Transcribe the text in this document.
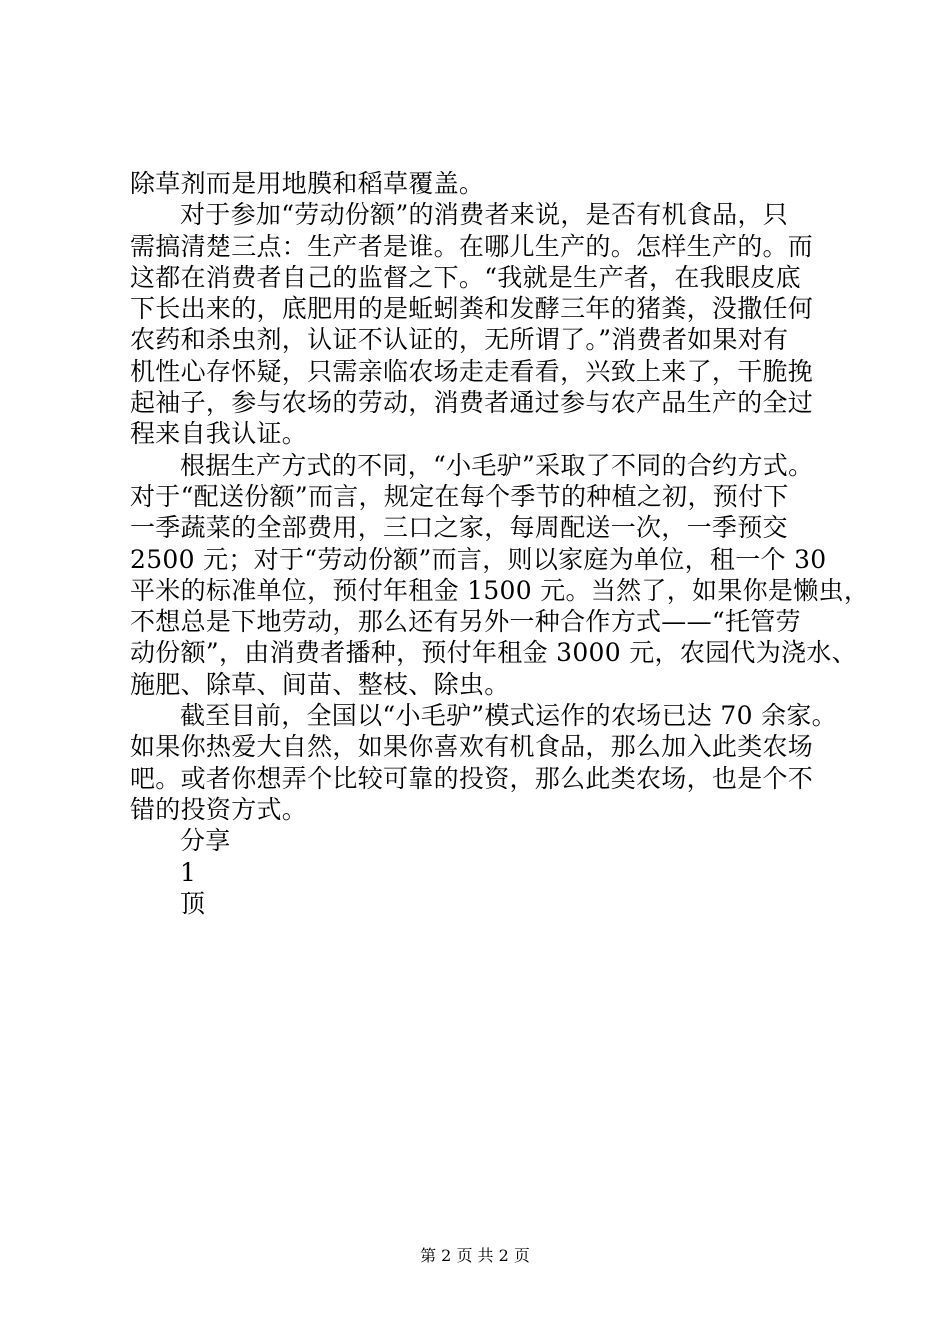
除草剂而是用地膜和稻草覆盖。
对于参加“劳动份额”的消费者来说，是否有机食品，只
需搞清楚三点：生产者是谁。在哪儿生产的。怎样生产的。而
这都在消费者自己的监督之下。“我就是生产者，在我眼皮底
下长出来的，底肥用的是蚯蚓粪和发酵三年的猪粪，没撒任何
农药和杀虫剂，认证不认证的，无所谓了。”消费者如果对有
机性心存怀疑，只需亲临农场走走看看，兴致上来了，干脆挽
起袖子，参与农场的劳动，消费者通过参与农产品生产的全过
程来自我认证。
根据生产方式的不同，“小毛驴”采取了不同的合约方式。
对于“配送份额”而言，规定在每个季节的种植之初，预付下
一季蔬菜的全部费用，三口之家，每周配送一次，一季预交
2500 元；对于“劳动份额”而言，则以家庭为单位，租一个 30
平米的标准单位，预付年租金 1500 元。当然了，如果你是懒虫，
不想总是下地劳动，那么还有另外一种合作方式——“托管劳
动份额”，由消费者播种，预付年租金 3000 元，农园代为浇水、
施肥、除草、间苗、整枝、除虫。
截至目前，全国以“小毛驴”模式运作的农场已达 70 余家。
如果你热爱大自然，如果你喜欢有机食品，那么加入此类农场
吧。或者你想弄个比较可靠的投资，那么此类农场，也是个不
错的投资方式。
分享
1
顶
第 2 页 共 2 页
